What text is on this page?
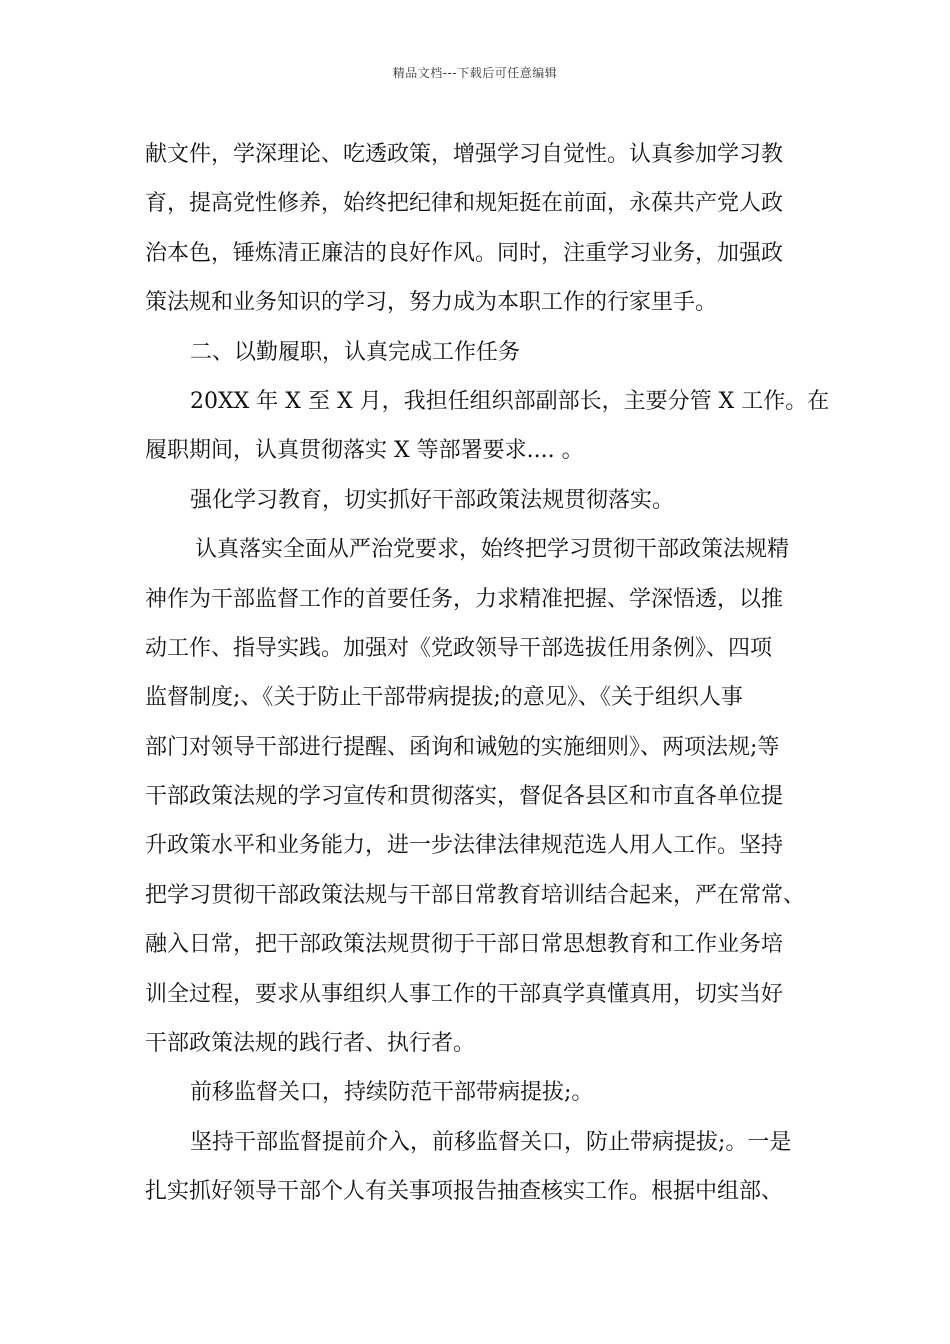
精品文档---下载后可任意编辑
献文件，学深理论、吃透政策，增强学习自觉性。认真参加学习教
育，提高党性修养，始终把纪律和规矩挺在前面，永葆共产党人政
治本色，锤炼清正廉洁的良好作风。同时，注重学习业务，加强政
策法规和业务知识的学习，努力成为本职工作的行家里手。
二、以勤履职，认真完成工作任务
20XX 年 X 至 X 月，我担任组织部副部长，主要分管 X 工作。在
履职期间，认真贯彻落实 X 等部署要求.... 。
强化学习教育，切实抓好干部政策法规贯彻落实。
认真落实全面从严治党要求，始终把学习贯彻干部政策法规精
神作为干部监督工作的首要任务，力求精准把握、学深悟透，以推
动工作、指导实践。加强对《党政领导干部选拔任用条例》、四项
监督制度;、《关于防止干部带病提拔;的意见》、《关于组织人事
部门对领导干部进行提醒、函询和诫勉的实施细则》、两项法规;等
干部政策法规的学习宣传和贯彻落实，督促各县区和市直各单位提
升政策水平和业务能力，进一步法律法律规范选人用人工作。坚持
把学习贯彻干部政策法规与干部日常教育培训结合起来，严在常常、
融入日常，把干部政策法规贯彻于干部日常思想教育和工作业务培
训全过程，要求从事组织人事工作的干部真学真懂真用，切实当好
干部政策法规的践行者、执行者。
前移监督关口，持续防范干部带病提拔;。
坚持干部监督提前介入，前移监督关口，防止带病提拔;。一是
扎实抓好领导干部个人有关事项报告抽查核实工作。根据中组部、
